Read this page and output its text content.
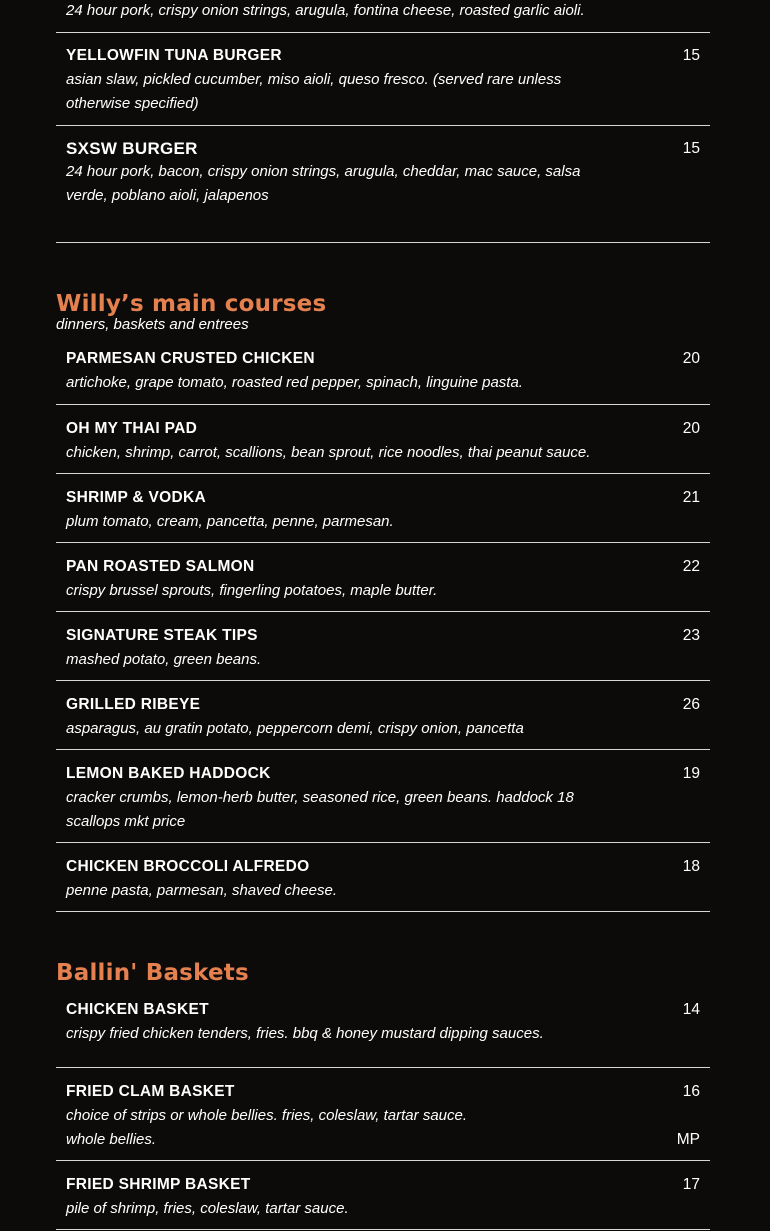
24 hour pork, crispy onion strings, arugula, fontina cheese, roasted garlic aioli.
YELLOWFIN TUNA BURGER
asian slaw, pickled cucumber, miso aioli, queso fresco. (served rare unless otherwise specified)
15
SXSW BURGER
24 hour pork, bacon, crispy onion strings, arugula, cheddar, mac sauce, salsa verde, poblano aioli, jalapenos
15
Willy’s main courses
dinners, baskets and entrees
PARMESAN CRUSTED CHICKEN
artichoke, grape tomato, roasted red pepper, spinach, linguine pasta.
20
OH MY THAI PAD
chicken, shrimp, carrot, scallions, bean sprout, rice noodles, thai peanut sauce.
20
SHRIMP & VODKA
plum tomato, cream, pancetta, penne, parmesan.
21
PAN ROASTED SALMON
crispy brussel sprouts, fingerling potatoes, maple butter.
22
SIGNATURE STEAK TIPS
mashed potato, green beans.
23
GRILLED RIBEYE
asparagus, au gratin potato, peppercorn demi, crispy onion, pancetta
26
LEMON BAKED HADDOCK
cracker crumbs, lemon-herb butter, seasoned rice, green beans. haddock 18 scallops mkt price
19
CHICKEN BROCCOLI ALFREDO
penne pasta, parmesan, shaved cheese.
18
Ballin' Baskets
CHICKEN BASKET
crispy fried chicken tenders, fries. bbq & honey mustard dipping sauces.
14
FRIED CLAM BASKET
choice of strips or whole bellies. fries, coleslaw, tartar sauce.
whole bellies.
16
MP
FRIED SHRIMP BASKET
pile of shrimp, fries, coleslaw, tartar sauce.
17
